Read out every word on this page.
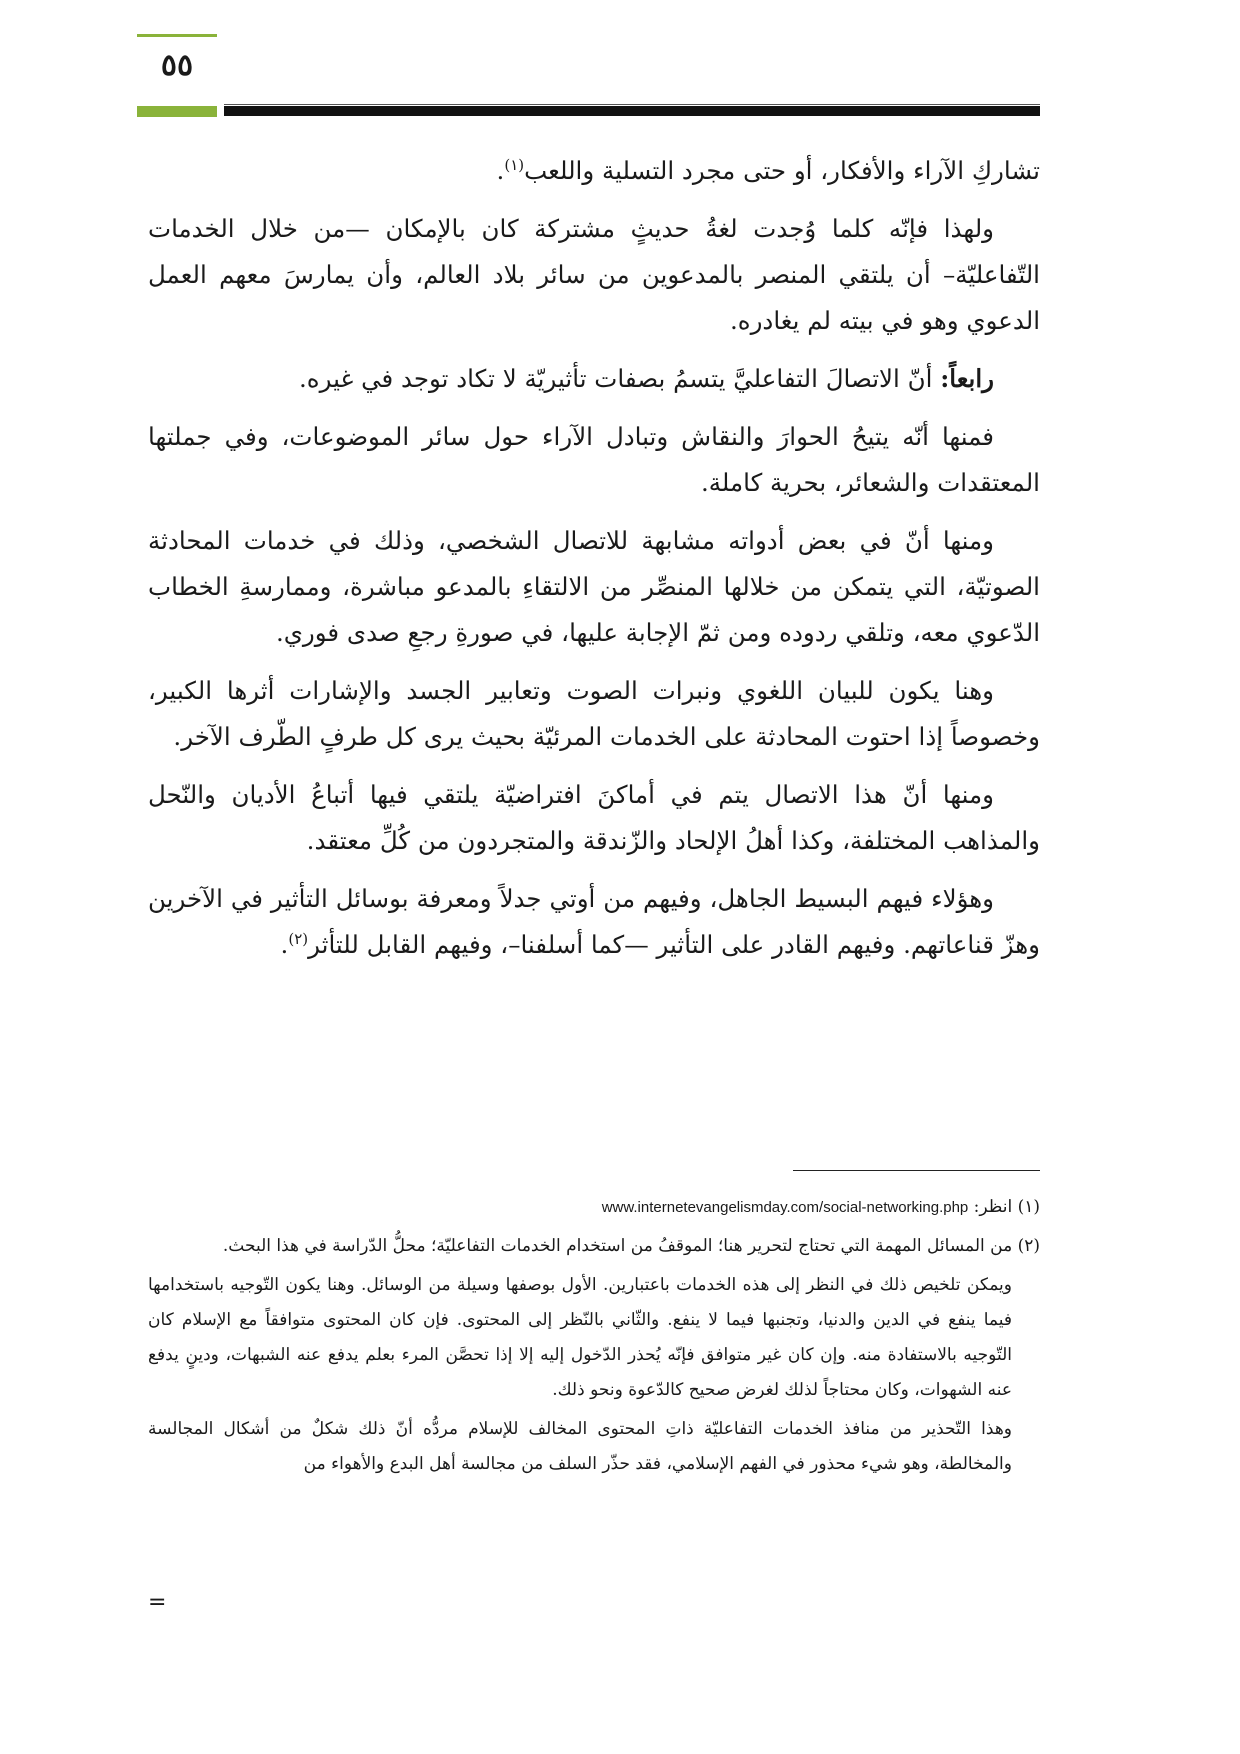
٥٥

تشاركِ الآراء والأفكار، أو حتى مجرد التسلية واللعب$^{(١)}$.

ولهذا فإنّه كلما وُجدت لغةُ حديثٍ مشتركة كان بالإمكان —من خلال الخدمات التّفاعليّة– أن يلتقي المنصر بالمدعوين من سائر بلاد العالم، وأن يمارسَ معهم العمل الدعوي وهو في بيته لم يغادره.

رابعاً: أنّ الاتصالَ التفاعليَّ يتسمُ بصفات تأثيريّة لا تكاد توجد في غيره.

فمنها أنّه يتيحُ الحوارَ والنقاش وتبادل الآراء حول سائر الموضوعات، وفي جملتها المعتقدات والشعائر، بحرية كاملة.

ومنها أنّ في بعض أدواته مشابهة للاتصال الشخصي، وذلك في خدمات المحادثة الصوتيّة، التي يتمكن من خلالها المنصِّر من الالتقاءِ بالمدعو مباشرة، وممارسةِ الخطاب الدّعوي معه، وتلقي ردوده ومن ثمّ الإجابة عليها، في صورةِ رجعِ صدى فوري.

وهنا يكون للبيان اللغوي ونبرات الصوت وتعابير الجسد والإشارات أثرها الكبير، وخصوصاً إذا احتوت المحادثة على الخدمات المرئيّة بحيث يرى كل طرفٍ الطّرف الآخر.

ومنها أنّ هذا الاتصال يتم في أماكنَ افتراضيّة يلتقي فيها أتباعُ الأديان والنّحل والمذاهب المختلفة، وكذا أهلُ الإلحاد والزّندقة والمتجردون من كُلِّ معتقد.

وهؤلاء فيهم البسيط الجاهل، وفيهم من أوتي جدلاً ومعرفة بوسائل التأثير في الآخرين وهزّ قناعاتهم. وفيهم القادر على التأثير —كما أسلفنا–، وفيهم القابل للتأثر$^{(٢)}$.

(١) انظر: www.internetevangelismday.com/social-networking.php

(٢) من المسائل المهمة التي تحتاج لتحرير هنا؛ الموقفُ من استخدام الخدمات التفاعليّة؛ محلُّ الدّراسة في هذا البحث.

ويمكن تلخيص ذلك في النظر إلى هذه الخدمات باعتبارين. الأول بوصفها وسيلة من الوسائل. وهنا يكون التّوجيه باستخدامها فيما ينفع في الدين والدنيا، وتجنبها فيما لا ينفع. والثّاني بالنّظر إلى المحتوى. فإن كان المحتوى متوافقاً مع الإسلام كان التّوجيه بالاستفادة منه. وإن كان غير متوافق فإنّه يُحذر الدّخول إليه إلا إذا تحصَّن المرء بعلم يدفع عنه الشبهات، ودينٍ يدفع عنه الشهوات، وكان محتاجاً لذلك لغرض صحيح كالدّعوة ونحو ذلك.

وهذا التّحذير من منافذ الخدمات التفاعليّة ذاتِ المحتوى المخالف للإسلام مردُّه أنّ ذلك شكلٌ من أشكال المجالسة والمخالطة، وهو شيء محذور في الفهم الإسلامي، فقد حذّر السلف من مجالسة أهل البدع والأهواء من

=
